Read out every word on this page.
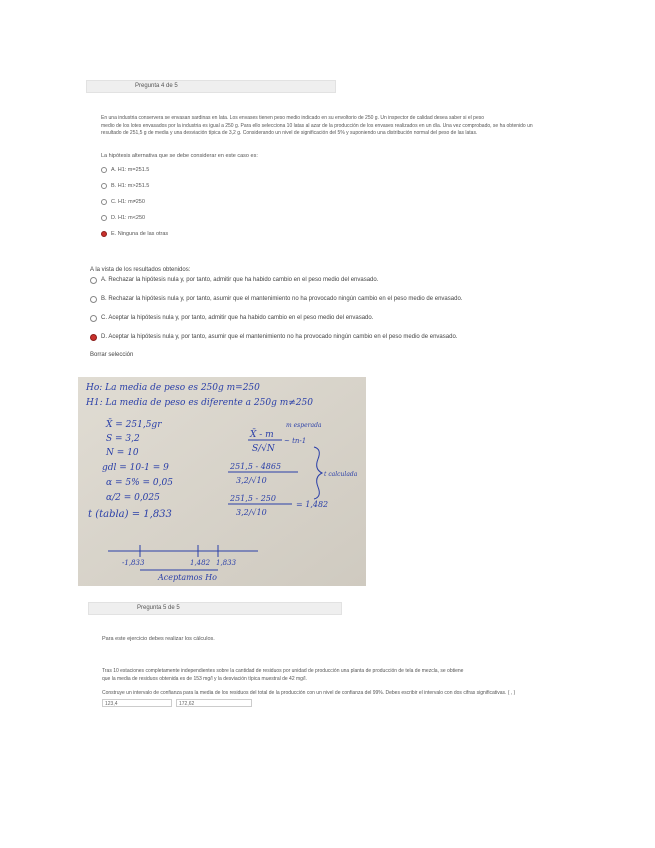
Pregunta 4 de 5
En una industria conservera se envasan sardinas en lata. Los envases tienen peso medio indicado en su envoltorio de 250 g. Un inspector de calidad desea saber si el peso
medio de los lotes envasados por la industria es igual a 250 g. Para ello selecciona 10 latas al azar de la producción de los envases realizados en un día. Una vez comprobado, se ha obtenido un
resultado de 251,5 g de media y una desviación típica de 3,2 g. Considerando un nivel de significación del 5% y suponiendo una distribución normal del peso de las latas.
La hipótesis alternativa que se debe considerar en este caso es:
A. H1: m=251.5
B. H1: m>251.5
C. H1: m≠250
D. H1: m<250
E. Ninguna de las otras
A la vista de los resultados obtenidos:
A. Rechazar la hipótesis nula y, por tanto, admitir que ha habido cambio en el peso medio del envasado.
B. Rechazar la hipótesis nula y, por tanto, asumir que el mantenimiento no ha provocado ningún cambio en el peso medio de envasado.
C. Aceptar la hipótesis nula y, por tanto, admitir que ha habido cambio en el peso medio del envasado.
D. Aceptar la hipótesis nula y, por tanto, asumir que el mantenimiento no ha provocado ningún cambio en el peso medio de envasado.
Borrar selección
Ho: La media de peso es 250g m=250
H1: La media de peso es diferente a 250g m≠250
X̄ = 251,5gr
S = 3,2
N = 10
gdl = 10-1 = 9
α = 5% = 0,05
α/2 = 0,025
t (tabla) = 1,833
m esperada
X̄ - m
~ tn-1
S/√N
251,5 - 4865
3,2/√10
t calculada
251,5 - 250
3,2/√10
= 1,482
-1,833	1,482 1,833
Aceptamos Ho
Pregunta 5 de 5
Para este ejercicio debes realizar los cálculos.
Tras 10 estaciones completamente independientes sobre la cantidad de residuos por unidad de producción una planta de producción de tela de mezcla, se obtiene
que la media de residuos obtenida es de 153 mg/l y la desviación típica muestral de 42 mg/l.
Construye un intervalo de confianza para la media de los residuos del total de la producción con un nivel de confianza del 99%. Debes escribir el intervalo con dos cifras significativas. ( , )
123,4	172,62
